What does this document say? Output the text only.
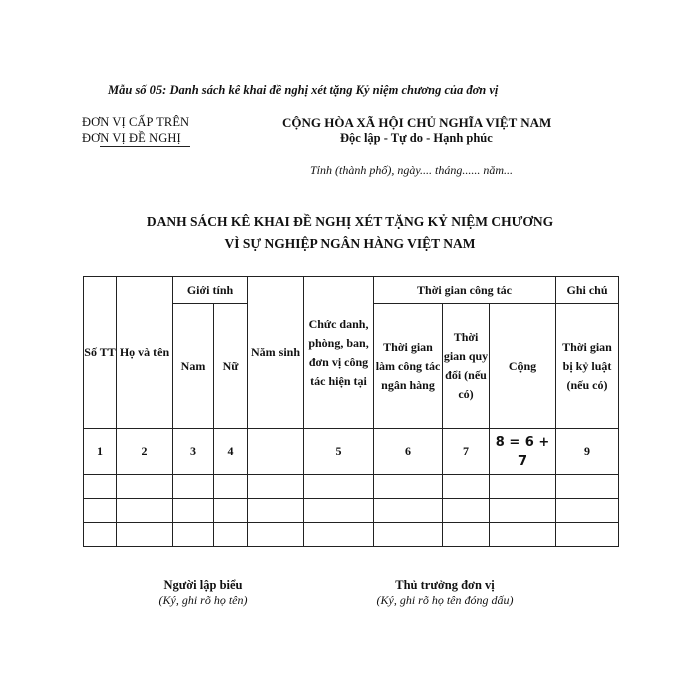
Mẫu số 05: Danh sách kê khai đề nghị xét tặng Kỷ niệm chương của đơn vị
ĐƠN VỊ CẤP TRÊN
ĐƠN VỊ ĐỀ NGHỊ
CỘNG HÒA XÃ HỘI CHỦ NGHĨA VIỆT NAM
Độc lập - Tự do - Hạnh phúc
Tỉnh (thành phố), ngày.... tháng...... năm...
DANH SÁCH KÊ KHAI ĐỀ NGHỊ XÉT TẶNG KỶ NIỆM CHƯƠNG
VÌ SỰ NGHIỆP NGÂN HÀNG VIỆT NAM
Số TT	Họ và tên	Giới tính		Năm sinh	Chức danh, phòng, ban, đơn vị công tác hiện tại	Thời gian công tác			Ghi chú
		Nam	Nữ			Thời gian làm công tác ngân hàng	Thời gian quy đổi (nếu có)	Cộng	Thời gian bị kỷ luật (nếu có)
1	2	3	4		5	6	7	8 = 6 + 7	9

Người lập biểu
(Ký, ghi rõ họ tên)
Thủ trưởng đơn vị
(Ký, ghi rõ họ tên đóng dấu)
